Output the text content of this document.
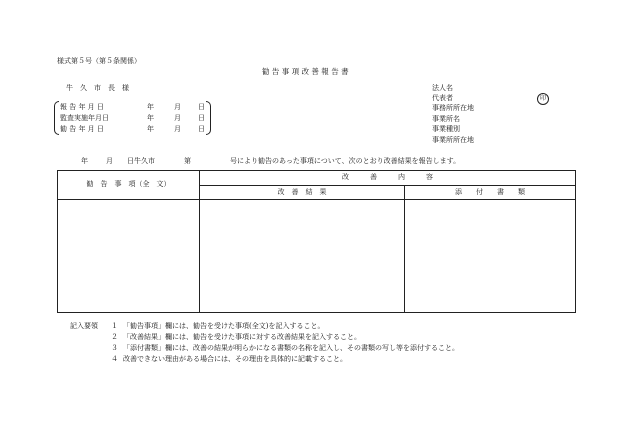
様式第５号（第５条関係）
勧 告 事 項 改 善 報 告 書
牛　久　市　長　様	法人名
代表者
事務所所在地
事業所名
事業種別
事業所所在地
印
報 告 年 月 日	年	月 日
監査実施年月日	年	月 日
勧 告 年 月 日	年	月 日
年	月 日牛久市	第	号により勧告のあった事項について、次のとおり改善結果を報告します。
勧　告　事　項（全　文）
改　　　善　　　内　　　容
改　善　結　果	添　　付　　書　　類
記入要領 １ 「勧告事項」欄には、勧告を受けた事項(全文)を記入すること。
２ 「改善結果」欄には、勧告を受けた事項に対する改善結果を記入すること。
３ 「添付書類」欄には、改善の結果が明らかになる書類の名称を記入し、その書類の写し等を添付すること。
４ 改善できない理由がある場合には、その理由を具体的に記載すること。
